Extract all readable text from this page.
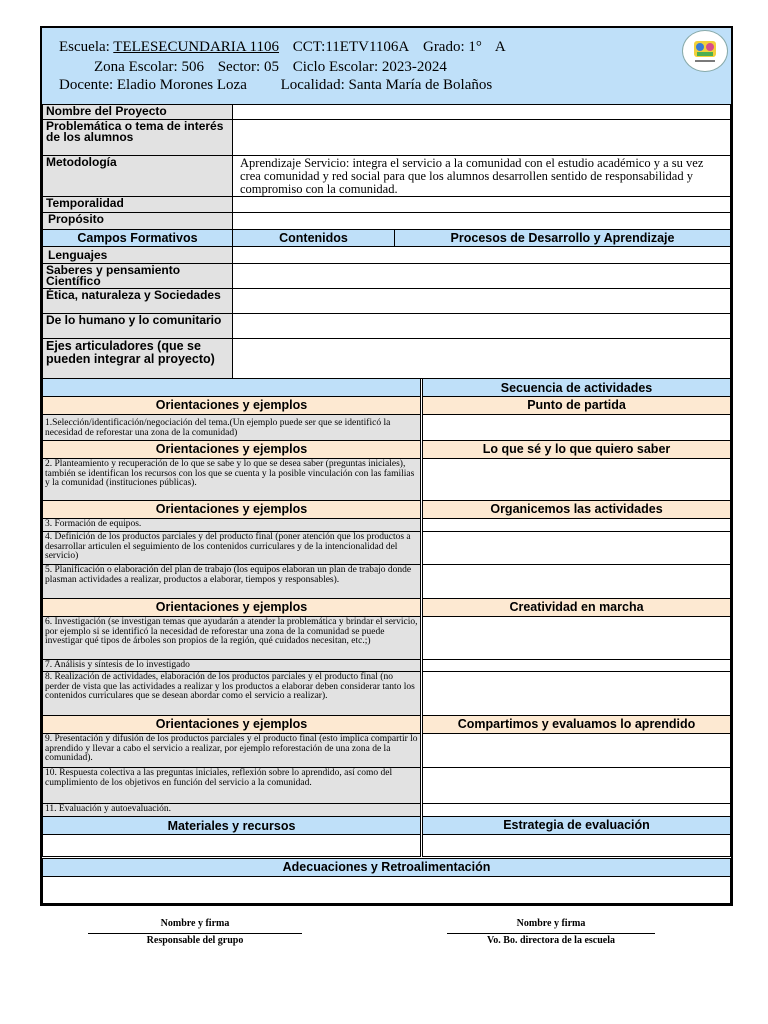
Escuela: TELESECUNDARIA 1106 CCT:11ETV1106A Grado: 1° A
Zona Escolar: 506 Sector: 05 Ciclo Escolar: 2023-2024
Docente: Eladio Morones Loza Localidad: Santa María de Bolaños
Nombre del Proyecto
Problemática o tema de interés de los alumnos
Metodología	Aprendizaje Servicio: integra el servicio a la comunidad con el estudio académico y a su vez crea comunidad y red social para que los alumnos desarrollen sentido de responsabilidad y compromiso con la comunidad.
Temporalidad
Propósito
Campos Formativos	Contenidos	Procesos de Desarrollo y Aprendizaje
Lenguajes
Saberes y pensamiento Científico
Ética, naturaleza y Sociedades
De lo humano y lo comunitario
Ejes articuladores (que se pueden integrar al proyecto)
Secuencia de actividades
Orientaciones y ejemplos	Punto de partida
1.Selección/identificación/negociación del tema.(Un ejemplo puede ser que se identificó la necesidad de reforestar una zona de la comunidad)
Orientaciones y ejemplos	Lo que sé y lo que quiero saber
2. Planteamiento y recuperación de lo que se sabe y lo que se desea saber (preguntas iniciales), también se identifican los recursos con los que se cuenta y la posible vinculación con las familias y la comunidad (instituciones públicas).
Orientaciones y ejemplos	Organicemos las actividades
3. Formación de equipos.
4. Definición de los productos parciales y del producto final (poner atención que los productos a desarrollar articulen el seguimiento de los contenidos curriculares y de la intencionalidad del servicio)
5. Planificación o elaboración del plan de trabajo (los equipos elaboran un plan de trabajo donde plasman actividades a realizar, productos a elaborar, tiempos y responsables).
Orientaciones y ejemplos	Creatividad en marcha
6. Investigación (se investigan temas que ayudarán a atender la problemática y brindar el servicio, por ejemplo si se identificó la necesidad de reforestar una zona de la comunidad se puede investigar qué tipos de árboles son propios de la región, qué cuidados necesitan, etc.;)
7. Análisis y síntesis de lo investigado
8. Realización de actividades, elaboración de los productos parciales y el producto final (no perder de vista que las actividades a realizar y los productos a elaborar deben considerar tanto los contenidos curriculares que se desean abordar como el servicio a realizar).
Orientaciones y ejemplos	Compartimos y evaluamos lo aprendido
9. Presentación y difusión de los productos parciales y el producto final (esto implica compartir lo aprendido y llevar a cabo el servicio a realizar, por ejemplo reforestación de una zona de la comunidad).
10. Respuesta colectiva a las preguntas iniciales, reflexión sobre lo aprendido, así como del cumplimiento de los objetivos en función del servicio a la comunidad.
11. Evaluación y autoevaluación.
Materiales y recursos	Estrategia de evaluación
Adecuaciones y Retroalimentación
Nombre y firma
Responsable del grupo
Nombre y firma
Vo. Bo. directora de la escuela
